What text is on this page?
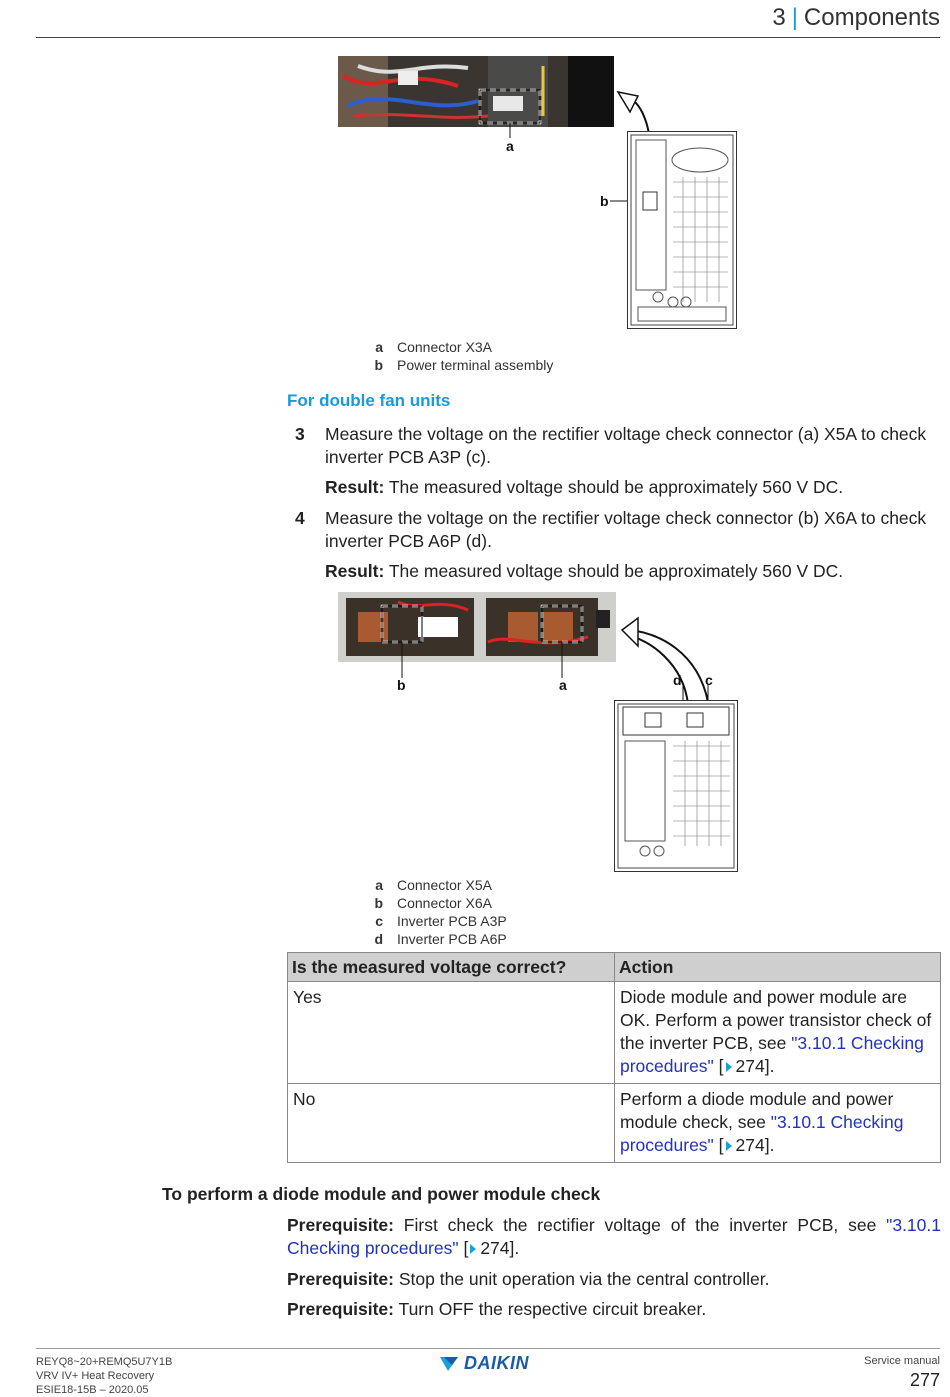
3 | Components
a
b
a	Connector X3A
b	Power terminal assembly
For double fan units
3 Measure the voltage on the rectifier voltage check connector (a) X5A to check inverter PCB A3P (c).
Result: The measured voltage should be approximately 560 V DC.
4 Measure the voltage on the rectifier voltage check connector (b) X6A to check inverter PCB A6P (d).
Result: The measured voltage should be approximately 560 V DC.
b	a	d c
a	Connector X5A
b	Connector X6A
c	Inverter PCB A3P
d	Inverter PCB A6P
Is the measured voltage correct?	Action
Yes	Diode module and power module are OK. Perform a power transistor check of the inverter PCB, see "3.10.1 Checking procedures" [ 274].
No	Perform a diode module and power module check, see "3.10.1 Checking procedures" [ 274].
To perform a diode module and power module check
Prerequisite: First check the rectifier voltage of the inverter PCB, see "3.10.1 Checking procedures" [ 274].
Prerequisite: Stop the unit operation via the central controller.
Prerequisite: Turn OFF the respective circuit breaker.
REYQ8~20+REMQ5U7Y1B
VRV IV+ Heat Recovery
ESIE18-15B – 2020.05
DAIKIN	Service manual
277
